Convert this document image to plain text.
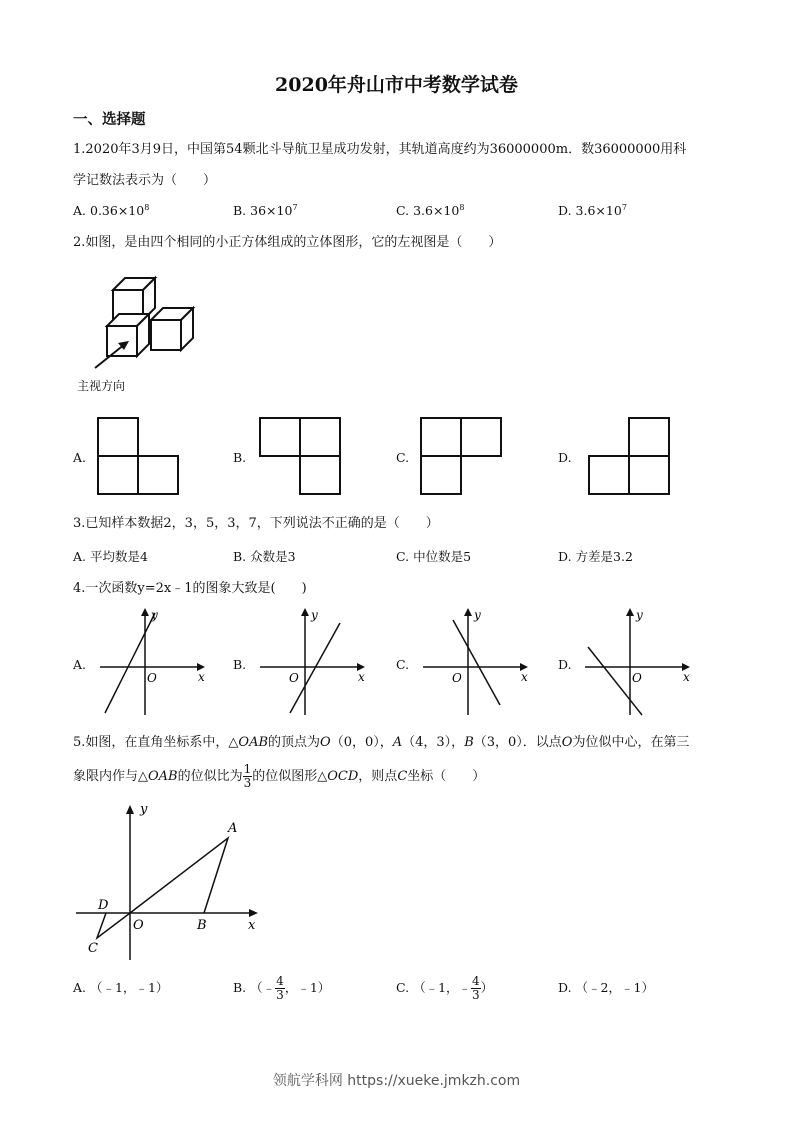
2020年舟山市中考数学试卷
一、选择题
1.2020年3月9日，中国第54颗北斗导航卫星成功发射，其轨道高度约为36000000m．数36000000用科
学记数法表示为（　　）
A. $0.36\times 10^8$	B. $36\times 10^7$	C. $3.6\times 10^8$	D. $3.6\times 10^7$
2.如图，是由四个相同的小正方体组成的立体图形，它的左视图是（　　）
主视方向
A.	B.	C.	D.
3.已知样本数据2，3，5，3，7，下列说法不正确的是（　　）
A. 平均数是4	B. 众数是3	C. 中位数是5	D. 方差是3.2
4.一次函数y=2x﹣1的图象大致是(　　)
A.
y
x
O
B.
y
x
O
C.
y
x
O
D.
y
x
O
5.如图，在直角坐标系中，△OAB的顶点为O（0，0），A（4，3），B（3，0）．以点O为位似中心，在第三
象限内作与△OAB的位似比为 $\frac{1}{3}$ 的位似图形△OCD，则点C坐标（　　）
y
x
O
A
B
C
D
A. （﹣1，﹣1）	B. （﹣ $\frac{4}{3}$ ，﹣1）	C. （﹣1，﹣ $\frac{4}{3}$ ）	D. （﹣2，﹣1）
领航学科网 https://xueke.jmkzh.com
